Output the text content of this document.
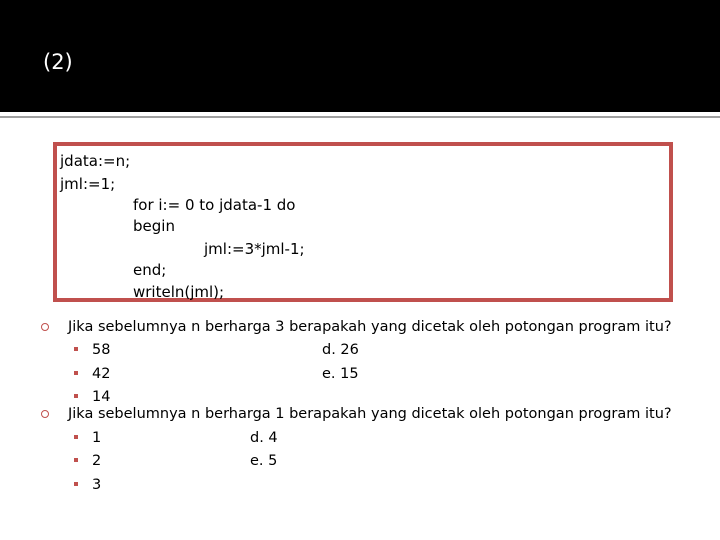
(2)
jdata:=n;
jml:=1;
for i:= 0 to jdata-1 do
begin
jml:=3*jml-1;
end;
writeln(jml);
Jika sebelumnya n berharga 3 berapakah yang dicetak oleh potongan program itu?
58	d. 26
42	e. 15
14
Jika sebelumnya n berharga 1 berapakah yang dicetak oleh potongan program itu?
1	d. 4
2	e. 5
3
